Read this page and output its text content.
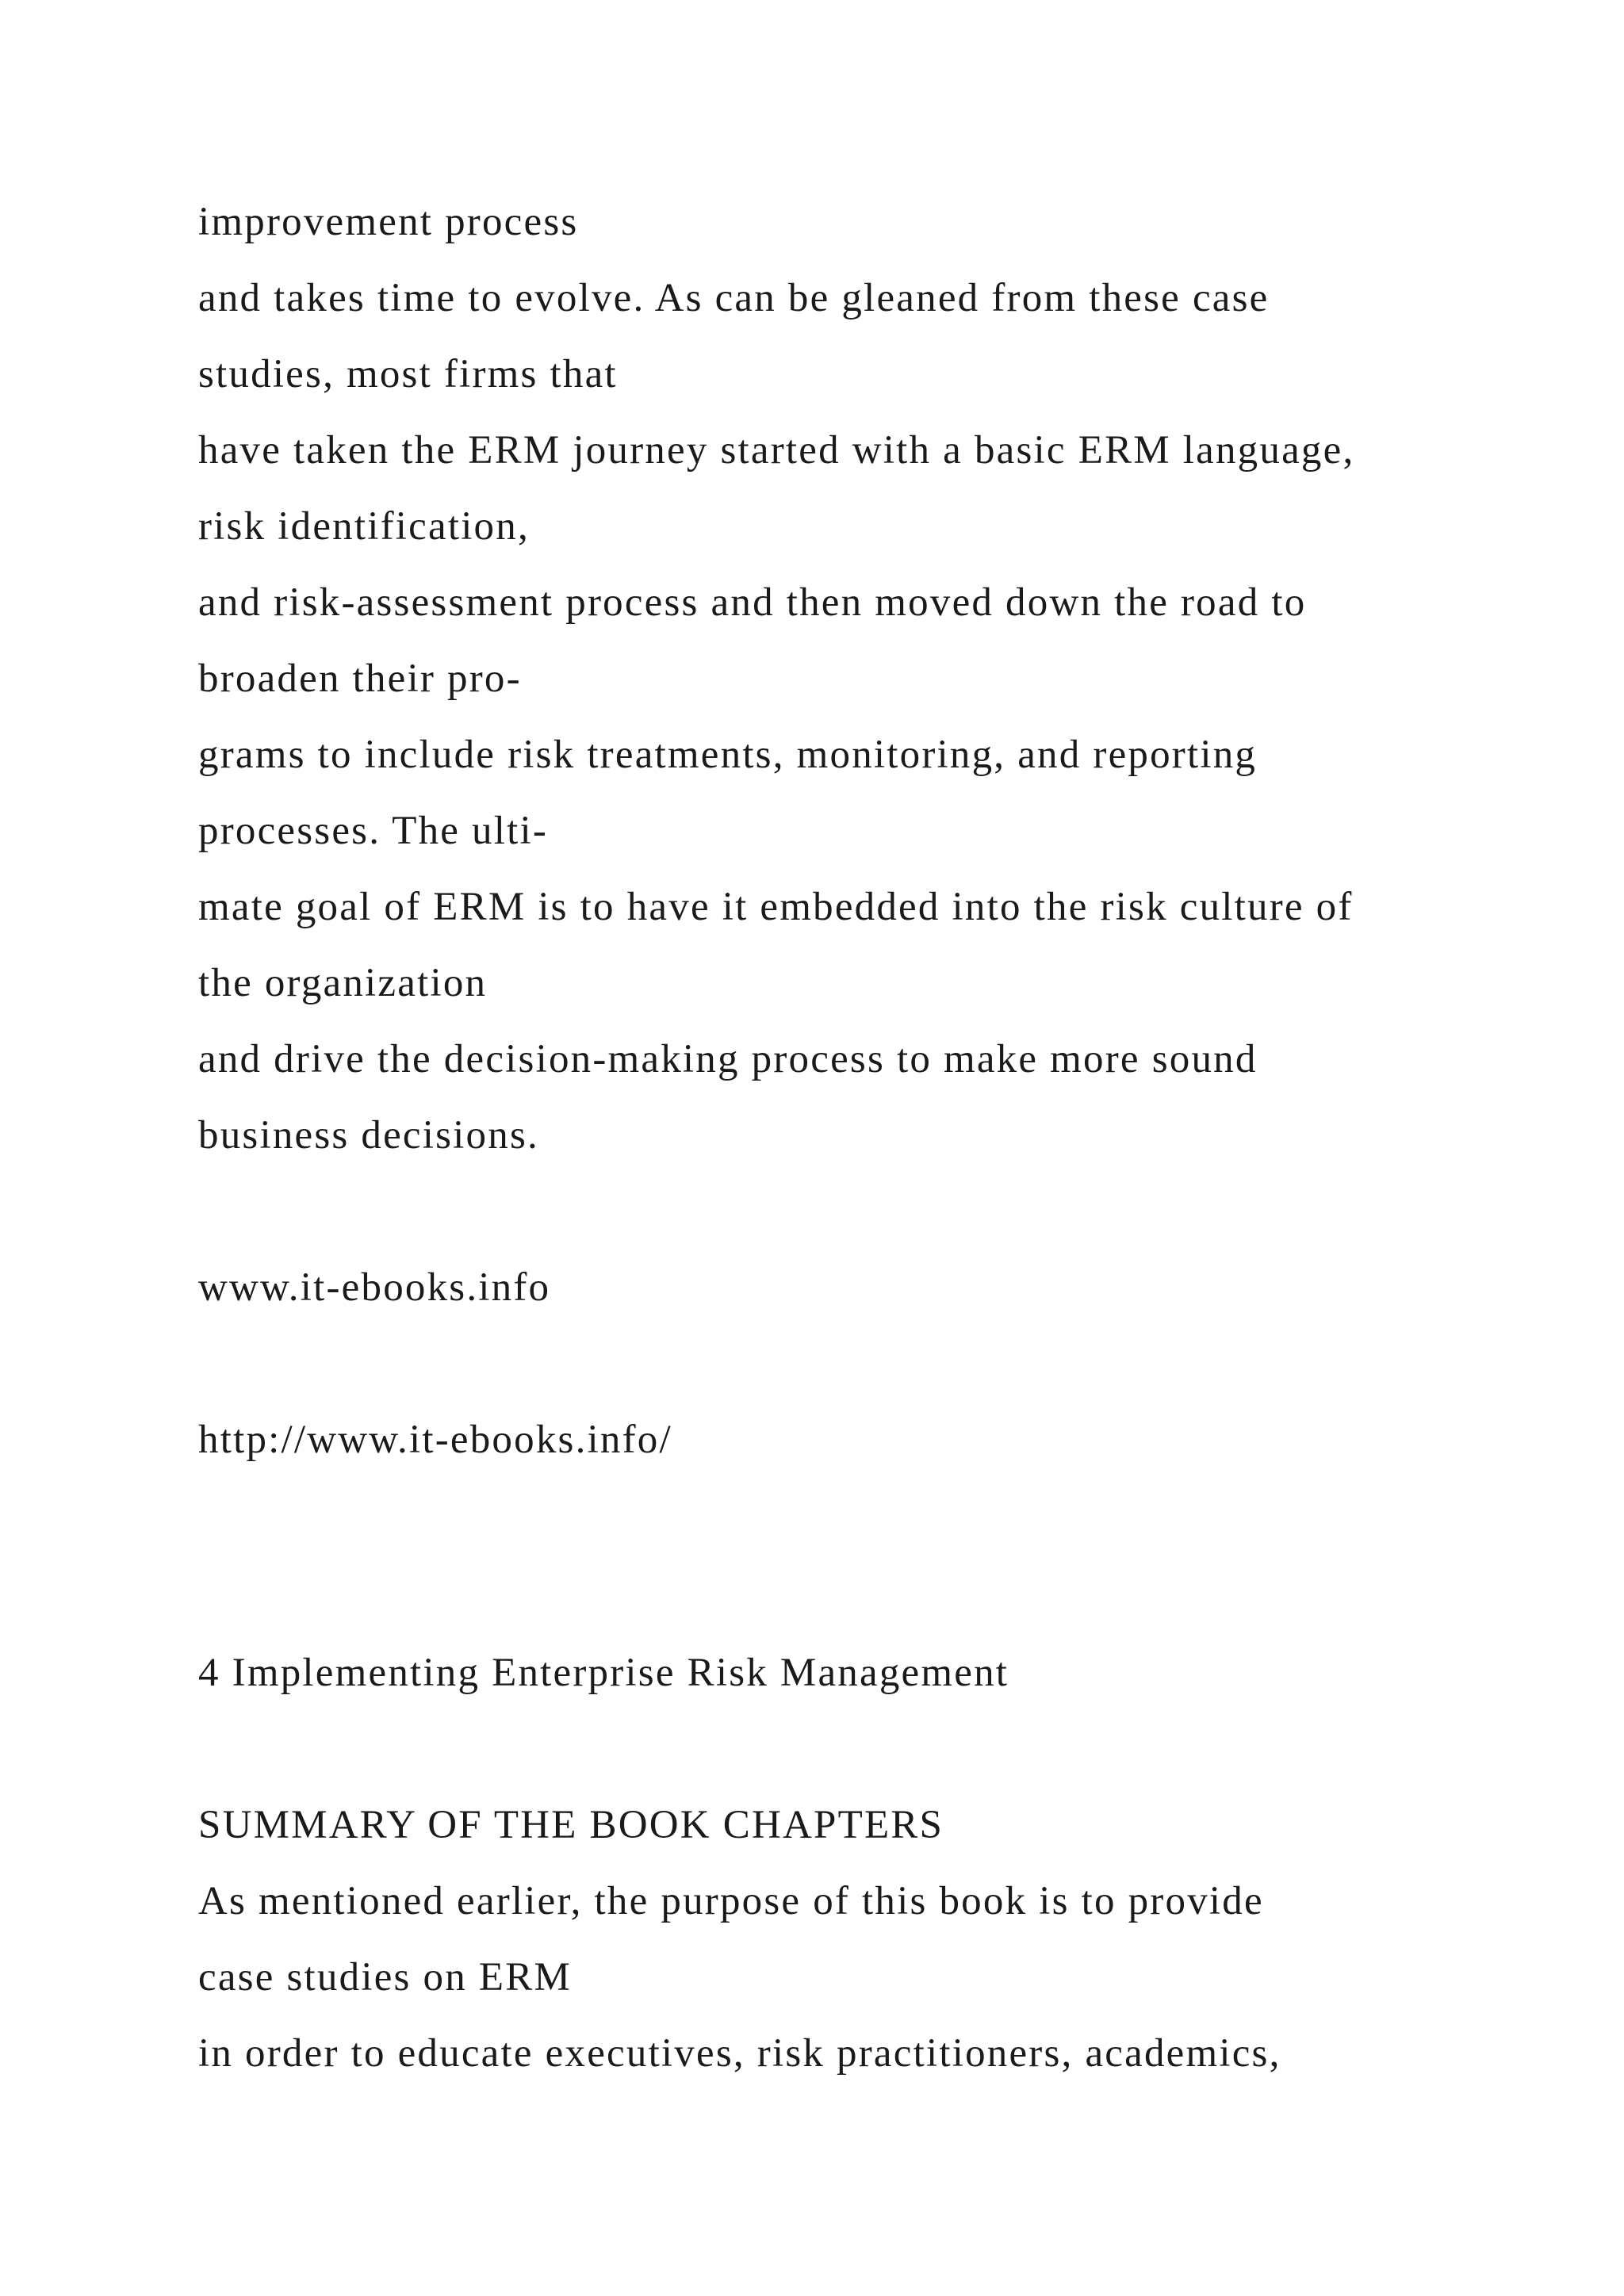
improvement process
and takes time to evolve. As can be gleaned from these case
studies, most firms that
have taken the ERM journey started with a basic ERM language,
risk identification,
and risk-assessment process and then moved down the road to
broaden their pro-
grams to include risk treatments, monitoring, and reporting
processes. The ulti-
mate goal of ERM is to have it embedded into the risk culture of
the organization
and drive the decision-making process to make more sound
business decisions.
www.it-ebooks.info
http://www.it-ebooks.info/
4 Implementing Enterprise Risk Management
SUMMARY OF THE BOOK CHAPTERS
As mentioned earlier, the purpose of this book is to provide
case studies on ERM
in order to educate executives, risk practitioners, academics,
